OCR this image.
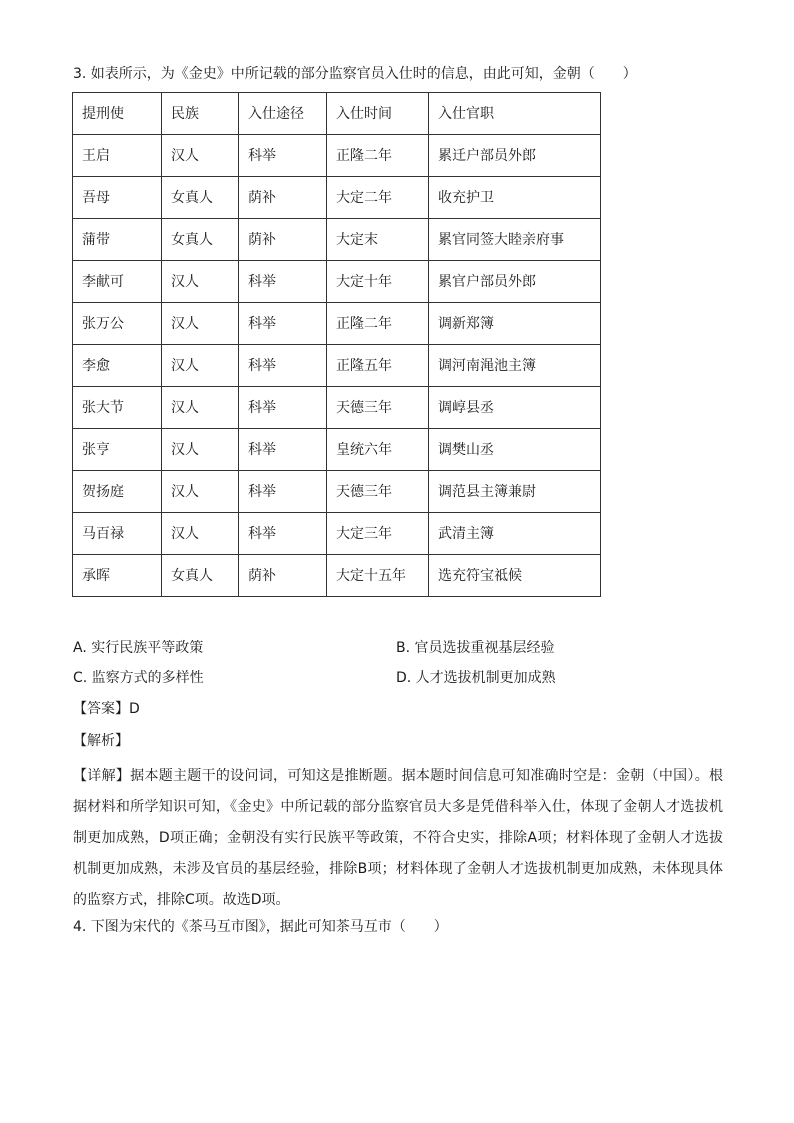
3. 如表所示，为《金史》中所记载的部分监察官员入仕时的信息，由此可知，金朝（　　）
提刑使	民族	入仕途径	入仕时间	入仕官职
王启	汉人	科举	正隆二年	累迁户部员外郎
吾母	女真人	荫补	大定二年	收充护卫
蒲带	女真人	荫补	大定末	累官同签大睦亲府事
李献可	汉人	科举	大定十年	累官户部员外郎
张万公	汉人	科举	正隆二年	调新郑簿
李愈	汉人	科举	正隆五年	调河南渑池主簿
张大节	汉人	科举	天德三年	调崞县丞
张亨	汉人	科举	皇统六年	调樊山丞
贺扬庭	汉人	科举	天德三年	调范县主簿兼尉
马百禄	汉人	科举	大定三年	武清主簿
承晖	女真人	荫补	大定十五年	选充符宝祗候
A. 实行民族平等政策	B. 官员选拔重视基层经验
C. 监察方式的多样性	D. 人才选拔机制更加成熟
【答案】D
【解析】
【详解】据本题主题干的设问词，可知这是推断题。据本题时间信息可知准确时空是：金朝（中国）。根据材料和所学知识可知，《金史》中所记载的部分监察官员大多是凭借科举入仕，体现了金朝人才选拔机制更加成熟，D项正确；金朝没有实行民族平等政策，不符合史实，排除A项；材料体现了金朝人才选拔机制更加成熟，未涉及官员的基层经验，排除B项；材料体现了金朝人才选拔机制更加成熟，未体现具体的监察方式，排除C项。故选D项。
4. 下图为宋代的《茶马互市图》，据此可知茶马互市（　　）
